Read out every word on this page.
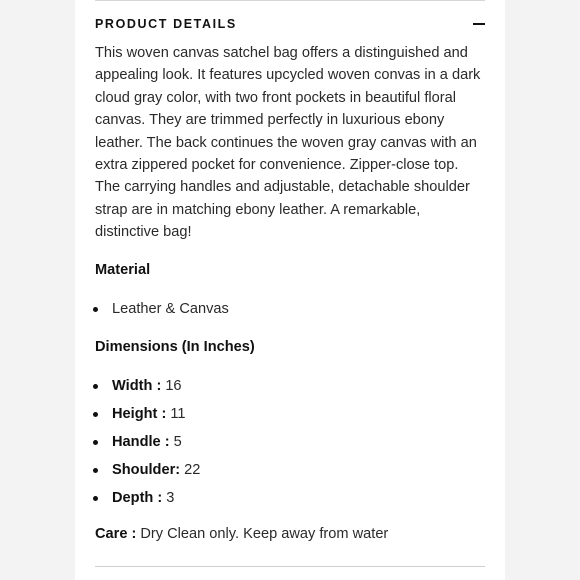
PRODUCT DETAILS

This woven canvas satchel bag offers a distinguished and appealing look. It features upcycled woven convas in a dark cloud gray color, with two front pockets in beautiful floral canvas. They are trimmed perfectly in luxurious ebony leather. The back continues the woven gray canvas with an extra zippered pocket for convenience. Zipper-close top. The carrying handles and adjustable, detachable shoulder strap are in matching ebony leather. A remarkable, distinctive bag!

Material
Leather & Canvas
Dimensions (In Inches)
Width : 16
Height : 11
Handle : 5
Shoulder: 22
Depth : 3
Care : Dry Clean only. Keep away from water
